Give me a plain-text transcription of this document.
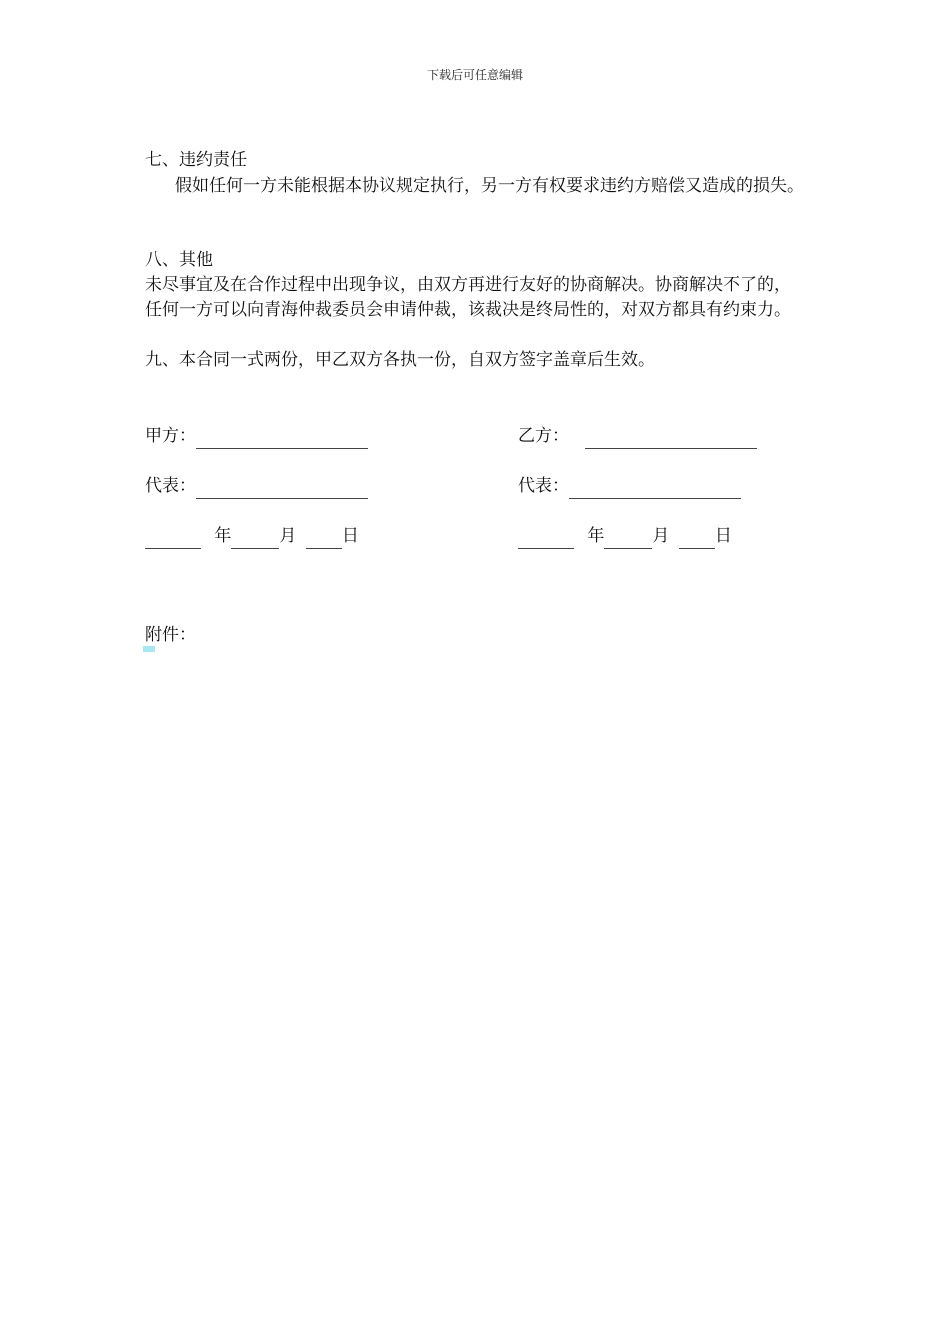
下载后可任意编辑
七、违约责任
假如任何一方未能根据本协议规定执行，另一方有权要求违约方赔偿又造成的损失。
八、其他
未尽事宜及在合作过程中出现争议，由双方再进行友好的协商解决。协商解决不了的，任何一方可以向青海仲裁委员会申请仲裁，该裁决是终局性的，对双方都具有约束力。
九、本合同一式两份，甲乙双方各执一份，自双方签字盖章后生效。
甲方：	乙方：
代表：	代表：
年	月	日	年	月	日
附件：
